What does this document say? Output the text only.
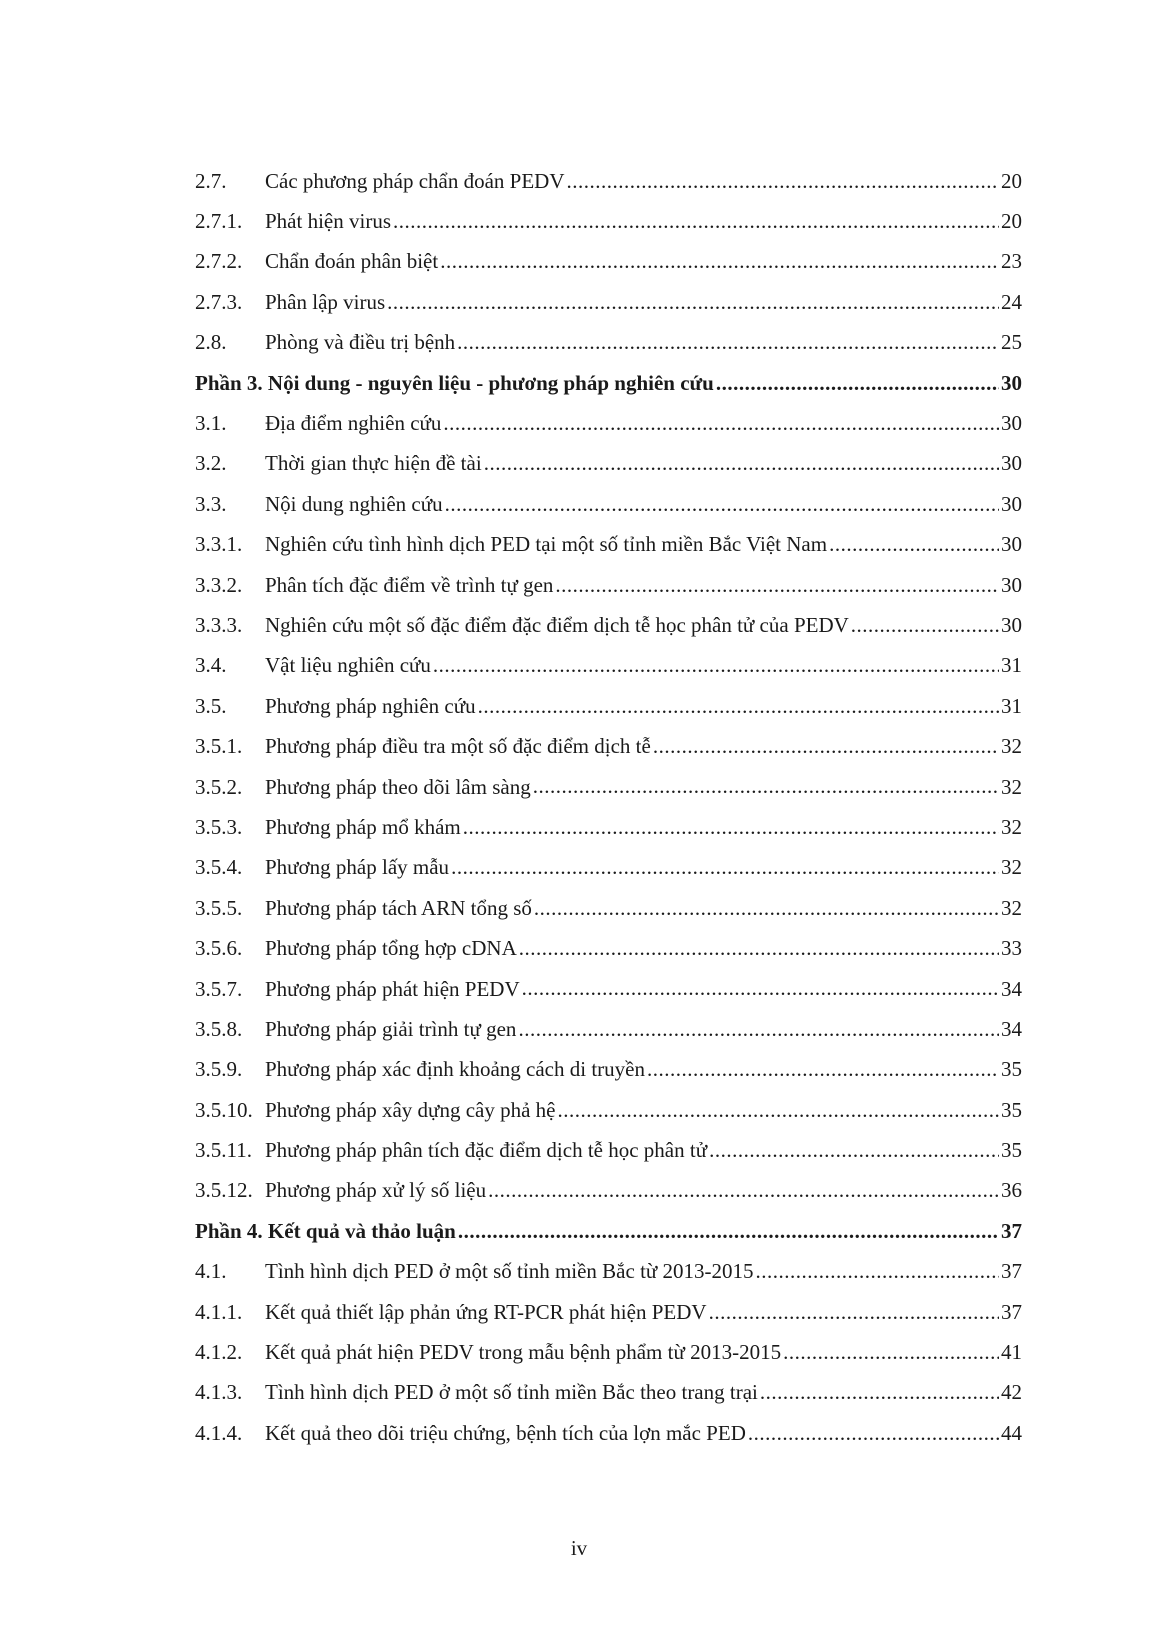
2.7.	Các phương pháp chẩn đoán PEDV .....	20
2.7.1.	Phát hiện virus .....	20
2.7.2.	Chẩn đoán phân biệt .....	23
2.7.3.	Phân lập virus .....	24
2.8.	Phòng và điều trị bệnh .....	25
Phần 3. Nội dung - nguyên liệu - phương pháp nghiên cứu .....	30
3.1.	Địa điểm nghiên cứu .....	30
3.2.	Thời gian thực hiện đề tài .....	30
3.3.	Nội dung nghiên cứu .....	30
3.3.1.	Nghiên cứu tình hình dịch PED tại một số tỉnh miền Bắc Việt Nam .....	30
3.3.2.	Phân tích đặc điểm về trình tự gen .....	30
3.3.3.	Nghiên cứu một số đặc điểm đặc điểm dịch tễ học phân tử của PEDV .....	30
3.4.	Vật liệu nghiên cứu .....	31
3.5.	Phương pháp nghiên cứu .....	31
3.5.1.	Phương pháp điều tra một số đặc điểm dịch tễ .....	32
3.5.2.	Phương pháp theo dõi lâm sàng .....	32
3.5.3.	Phương pháp mổ khám .....	32
3.5.4.	Phương pháp lấy mẫu .....	32
3.5.5.	Phương pháp tách ARN tổng số .....	32
3.5.6.	Phương pháp tổng hợp cDNA .....	33
3.5.7.	Phương pháp phát hiện PEDV .....	34
3.5.8.	Phương pháp giải trình tự gen .....	34
3.5.9.	Phương pháp xác định khoảng cách di truyền .....	35
3.5.10. Phương pháp xây dựng cây phả hệ .....	35
3.5.11. Phương pháp phân tích đặc điểm dịch tễ học phân tử .....	35
3.5.12. Phương pháp xử lý số liệu .....	36
Phần 4. Kết quả và thảo luận .....	37
4.1.	Tình hình dịch PED ở một số tỉnh miền Bắc từ 2013-2015 .....	37
4.1.1.	Kết quả thiết lập phản ứng RT-PCR phát hiện PEDV .....	37
4.1.2.	Kết quả phát hiện PEDV trong mẫu bệnh phẩm từ 2013-2015 .....	41
4.1.3.	Tình hình dịch PED ở một số tỉnh miền Bắc theo trang trại .....	42
4.1.4.	Kết quả theo dõi triệu chứng, bệnh tích của lợn mắc PED .....	44
iv
